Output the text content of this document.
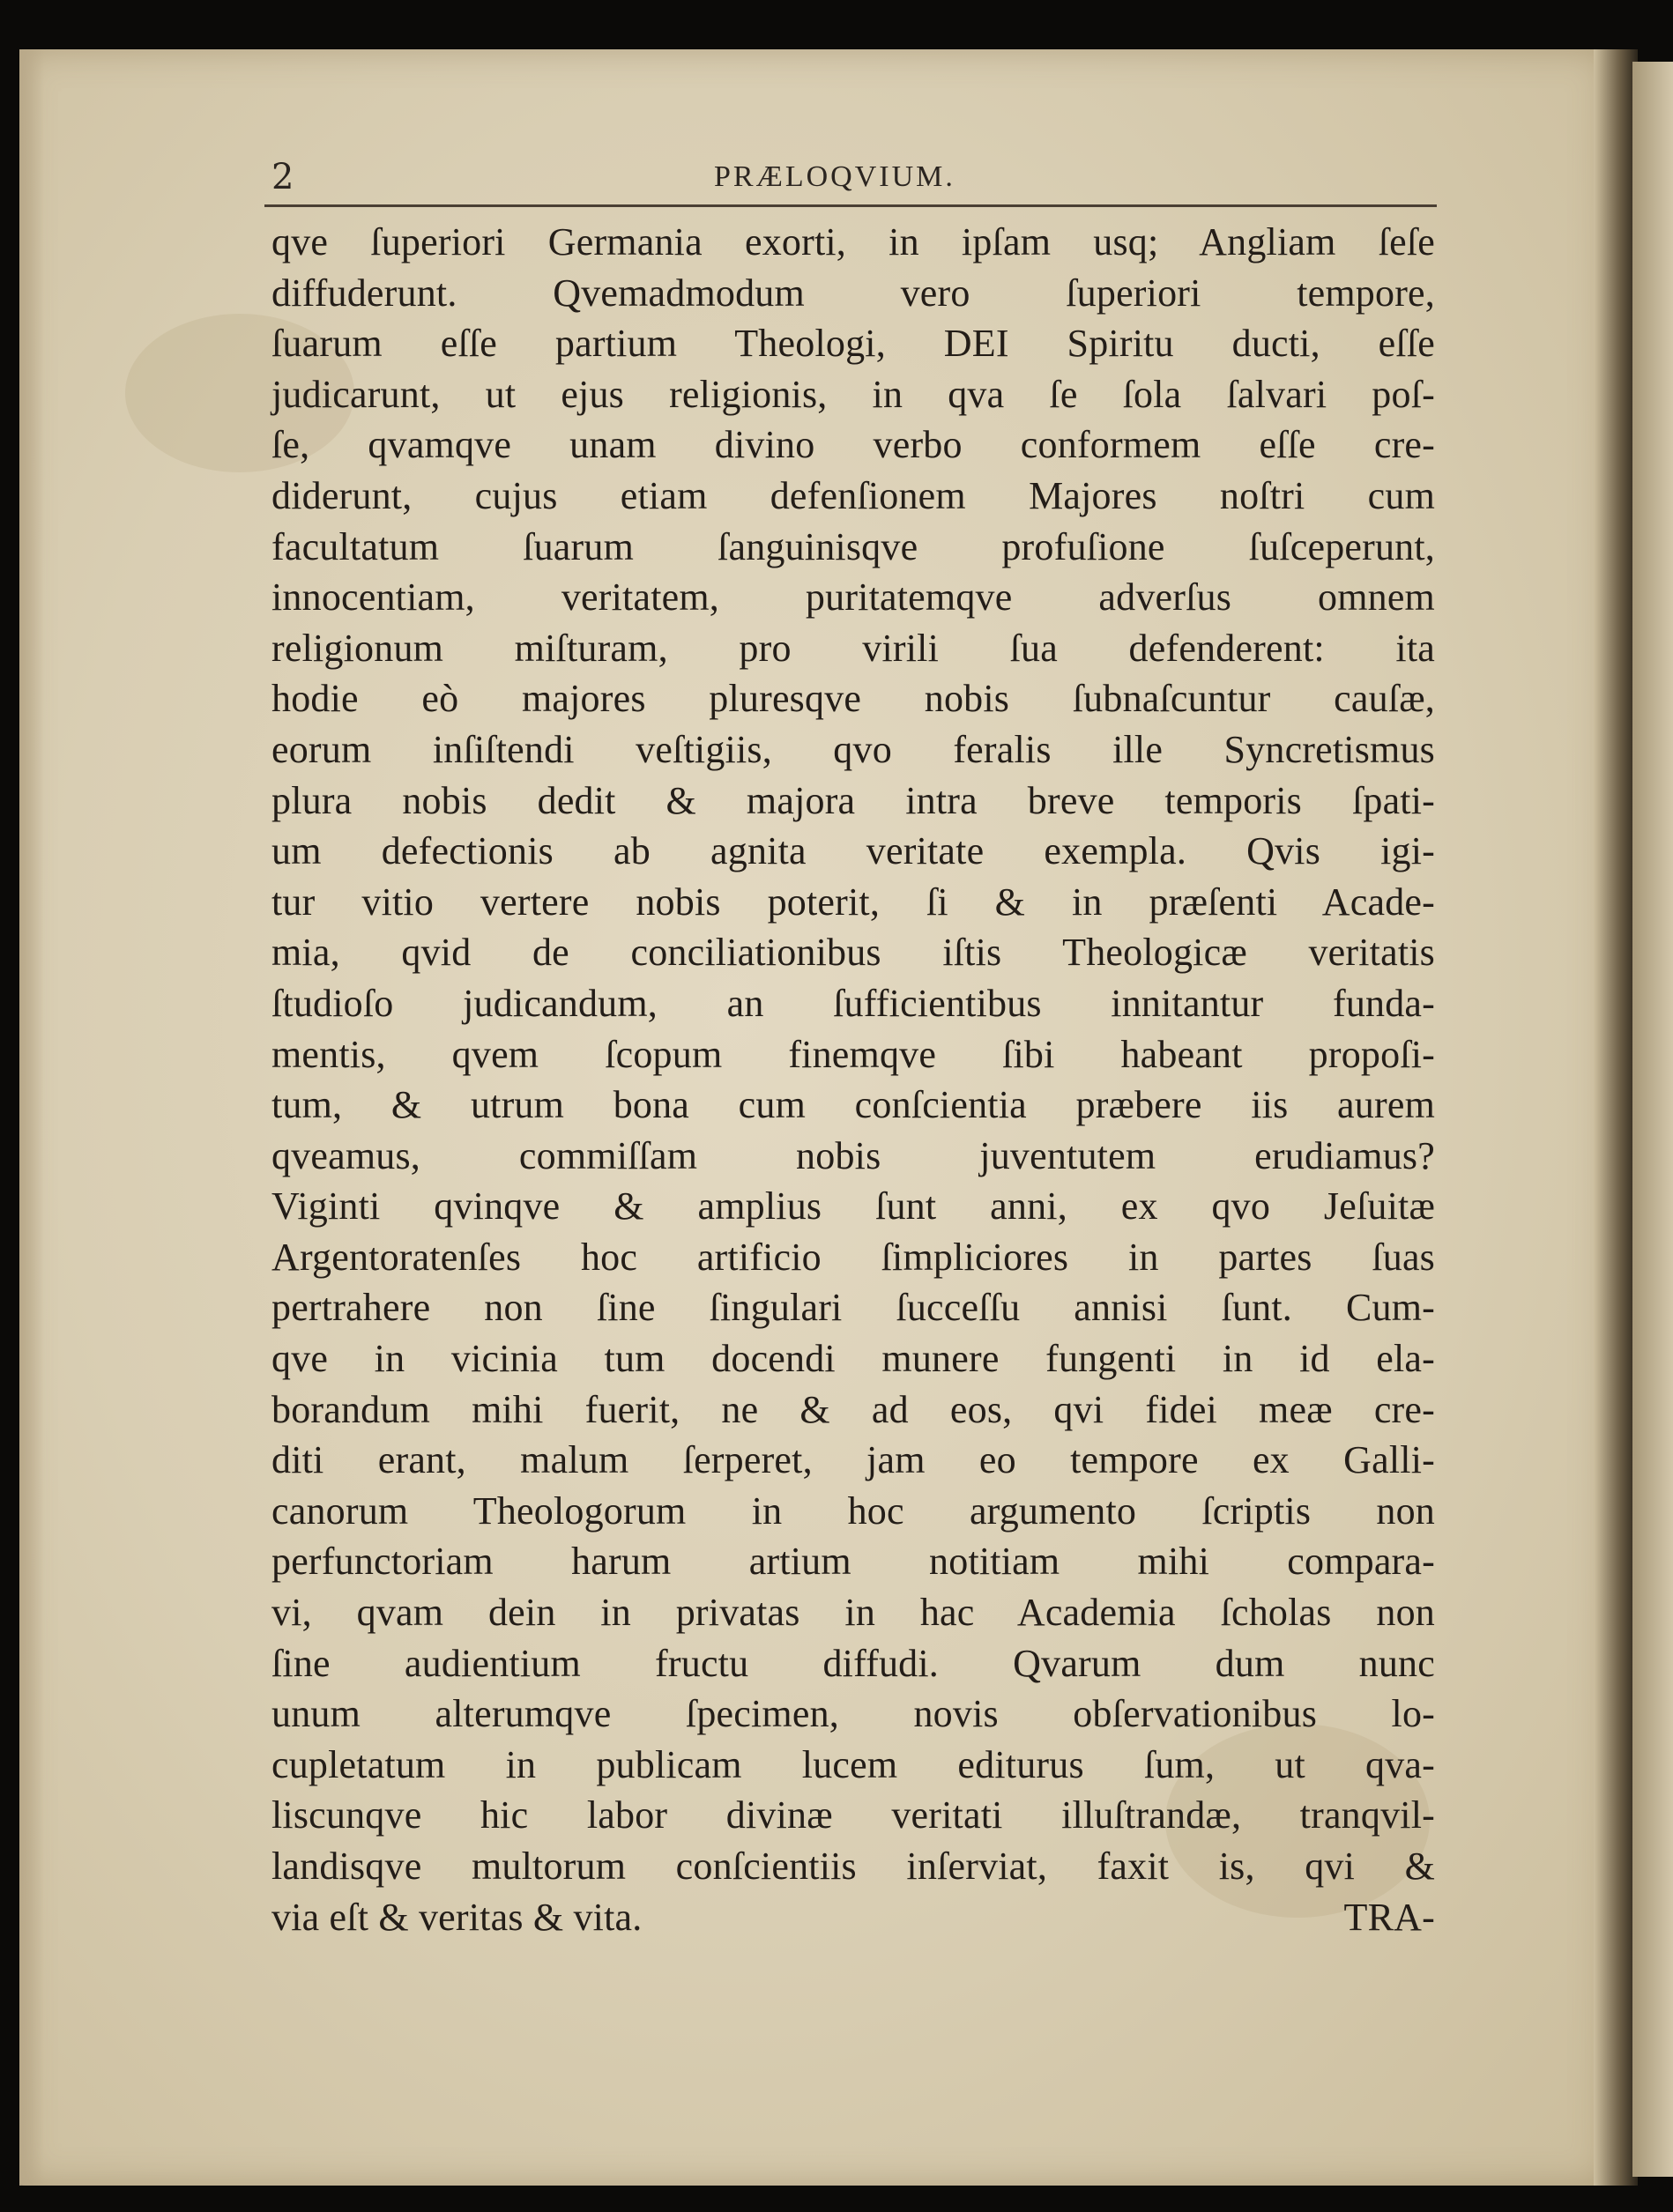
2	PRÆLOQVIUM.
qve ſuperiori Germania exorti, in ipſam usq; Angliam ſeſe
diffuderunt. Qvemadmodum vero ſuperiori tempore,
ſuarum eſſe partium Theologi, DEI Spiritu ducti, eſſe
judicarunt, ut ejus religionis, in qva ſe ſola ſalvari poſ-
ſe, qvamqve unam divino verbo conformem eſſe cre-
diderunt, cujus etiam defenſionem Majores noſtri cum
facultatum ſuarum ſanguinisqve profuſione ſuſceperunt,
innocentiam, veritatem, puritatemqve adverſus omnem
religionum miſturam, pro virili ſua defenderent: ita
hodie eò majores pluresqve nobis ſubnaſcuntur cauſæ,
eorum inſiſtendi veſtigiis, qvo feralis ille Syncretismus
plura nobis dedit & majora intra breve temporis ſpati-
um defectionis ab agnita veritate exempla. Qvis igi-
tur vitio vertere nobis poterit, ſi & in præſenti Acade-
mia, qvid de conciliationibus iſtis Theologicæ veritatis
ſtudioſo judicandum, an ſufficientibus innitantur funda-
mentis, qvem ſcopum finemqve ſibi habeant propoſi-
tum, & utrum bona cum conſcientia præbere iis aurem
qveamus, commiſſam nobis juventutem erudiamus?
Viginti qvinqve & amplius ſunt anni, ex qvo Jeſuitæ
Argentoratenſes hoc artificio ſimpliciores in partes ſuas
pertrahere non ſine ſingulari ſucceſſu annisi ſunt. Cum-
qve in vicinia tum docendi munere fungenti in id ela-
borandum mihi fuerit, ne & ad eos, qvi fidei meæ cre-
diti erant, malum ſerperet, jam eo tempore ex Galli-
canorum Theologorum in hoc argumento ſcriptis non
perfunctoriam harum artium notitiam mihi compara-
vi, qvam dein in privatas in hac Academia ſcholas non
ſine audientium fructu diffudi. Qvarum dum nunc
unum alterumqve ſpecimen, novis obſervationibus lo-
cupletatum in publicam lucem editurus ſum, ut qva-
liscunqve hic labor divinæ veritati illuſtrandæ, tranqvil-
landisqve multorum conſcientiis inſerviat, faxit is, qvi &
via eſt & veritas & vita.	TRA-
